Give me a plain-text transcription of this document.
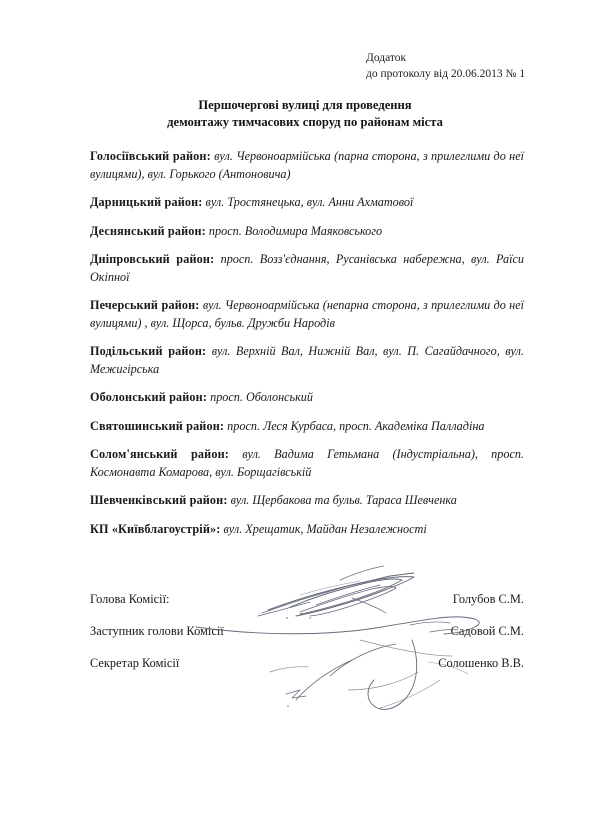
Додаток
до протоколу від 20.06.2013 № 1
Першочергові вулиці для проведення
демонтажу тимчасових споруд по районам міста
Голосіївський район: вул. Червоноармійська (парна сторона, з прилеглими до неї вулицями), вул. Горького (Антоновича)
Дарницький район: вул. Тростянецька, вул. Анни Ахматової
Деснянський район: просп. Володимира Маяковського
Дніпровський район: просп. Возз'єднання, Русанівська набережна, вул. Раїси Окіпної
Печерський район: вул. Червоноармійська (непарна сторона, з прилеглими до неї вулицями) , вул. Щорса, бульв. Дружби Народів
Подільський район: вул. Верхній Вал, Нижній Вал, вул. П. Сагайдачного, вул. Межигірська
Оболонський район: просп. Оболонський
Святошинський район: просп. Леся Курбаса, просп. Академіка Палладіна
Солом'янський район: вул. Вадима Гетьмана (Індустріальна), просп. Космонавта Комарова, вул. Борщагівській
Шевченківський район: вул. Щербакова та бульв. Тараса Шевченка
КП «Київблагоустрій»: вул. Хрещатик, Майдан Незалежності
Голова Комісії:	Голубов С.М.
Заступник голови Комісії	Садовой С.М.
Секретар Комісії	Солошенко В.В.
